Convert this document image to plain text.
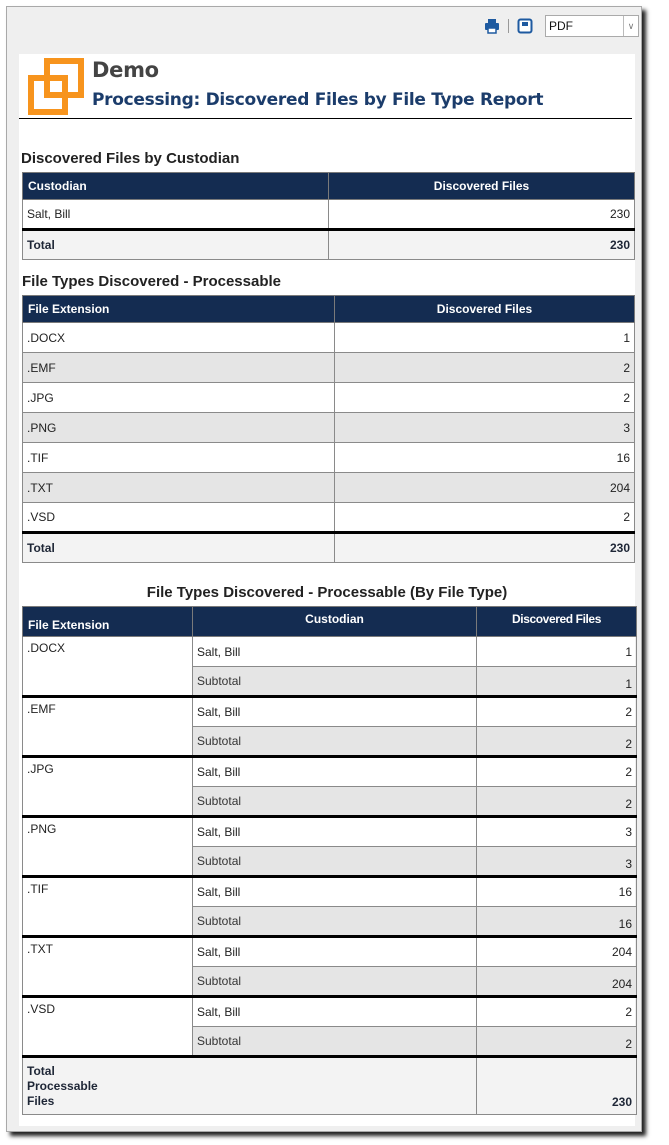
PDF	∨
Demo
Processing: Discovered Files by File Type Report
Discovered Files by Custodian
Custodian	Discovered Files
Salt, Bill	230
Total	230
File Types Discovered - Processable
File Extension	Discovered Files
.DOCX	1
.EMF	2
.JPG	2
.PNG	3
.TIF	16
.TXT	204
.VSD	2
Total	230
File Types Discovered - Processable (By File Type)
File Extension	Custodian	Discovered Files
.DOCX	Salt, Bill	1
	Subtotal	1
.EMF	Salt, Bill	2
	Subtotal	2
.JPG	Salt, Bill	2
	Subtotal	2
.PNG	Salt, Bill	3
	Subtotal	3
.TIF	Salt, Bill	16
	Subtotal	16
.TXT	Salt, Bill	204
	Subtotal	204
.VSD	Salt, Bill	2
	Subtotal	2

Total Processable Files		230
